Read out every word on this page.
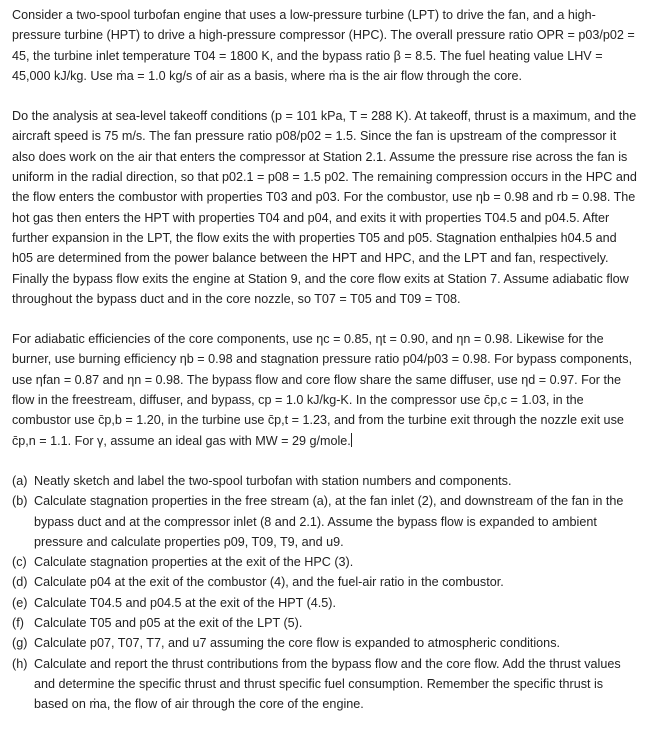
Consider a two-spool turbofan engine that uses a low-pressure turbine (LPT) to drive the fan, and a high-pressure turbine (HPT) to drive a high-pressure compressor (HPC). The overall pressure ratio OPR = p03/p02 = 45, the turbine inlet temperature T04 = 1800 K, and the bypass ratio β = 8.5. The fuel heating value LHV = 45,000 kJ/kg. Use ṁa = 1.0 kg/s of air as a basis, where ṁa is the air flow through the core.

Do the analysis at sea-level takeoff conditions (p = 101 kPa, T = 288 K). At takeoff, thrust is a maximum, and the aircraft speed is 75 m/s. The fan pressure ratio p08/p02 = 1.5. Since the fan is upstream of the compressor it also does work on the air that enters the compressor at Station 2.1. Assume the pressure rise across the fan is uniform in the radial direction, so that p02.1 = p08 = 1.5 p02. The remaining compression occurs in the HPC and the flow enters the combustor with properties T03 and p03. For the combustor, use ηb = 0.98 and rb = 0.98. The hot gas then enters the HPT with properties T04 and p04, and exits it with properties T04.5 and p04.5. After further expansion in the LPT, the flow exits the with properties T05 and p05. Stagnation enthalpies h04.5 and h05 are determined from the power balance between the HPT and HPC, and the LPT and fan, respectively. Finally the bypass flow exits the engine at Station 9, and the core flow exits at Station 7. Assume adiabatic flow throughout the bypass duct and in the core nozzle, so T07 = T05 and T09 = T08.

For adiabatic efficiencies of the core components, use ηc = 0.85, ηt = 0.90, and ηn = 0.98. Likewise for the burner, use burning efficiency ηb = 0.98 and stagnation pressure ratio p04/p03 = 0.98. For bypass components, use ηfan = 0.87 and ηn = 0.98. The bypass flow and core flow share the same diffuser, use ηd = 0.97. For the flow in the freestream, diffuser, and bypass, cp = 1.0 kJ/kg-K. In the compressor use c̄p,c = 1.03, in the combustor use c̄p,b = 1.20, in the turbine use c̄p,t = 1.23, and from the turbine exit through the nozzle exit use c̄p,n = 1.1. For γ, assume an ideal gas with MW = 29 g/mole.

(a) Neatly sketch and label the two-spool turbofan with station numbers and components.
(b) Calculate stagnation properties in the free stream (a), at the fan inlet (2), and downstream of the fan in the bypass duct and at the compressor inlet (8 and 2.1). Assume the bypass flow is expanded to ambient pressure and calculate properties p09, T09, T9, and u9.
(c) Calculate stagnation properties at the exit of the HPC (3).
(d) Calculate p04 at the exit of the combustor (4), and the fuel-air ratio in the combustor.
(e) Calculate T04.5 and p04.5 at the exit of the HPT (4.5).
(f) Calculate T05 and p05 at the exit of the LPT (5).
(g) Calculate p07, T07, T7, and u7 assuming the core flow is expanded to atmospheric conditions.
(h) Calculate and report the thrust contributions from the bypass flow and the core flow. Add the thrust values and determine the specific thrust and thrust specific fuel consumption. Remember the specific thrust is based on ṁa, the flow of air through the core of the engine.
